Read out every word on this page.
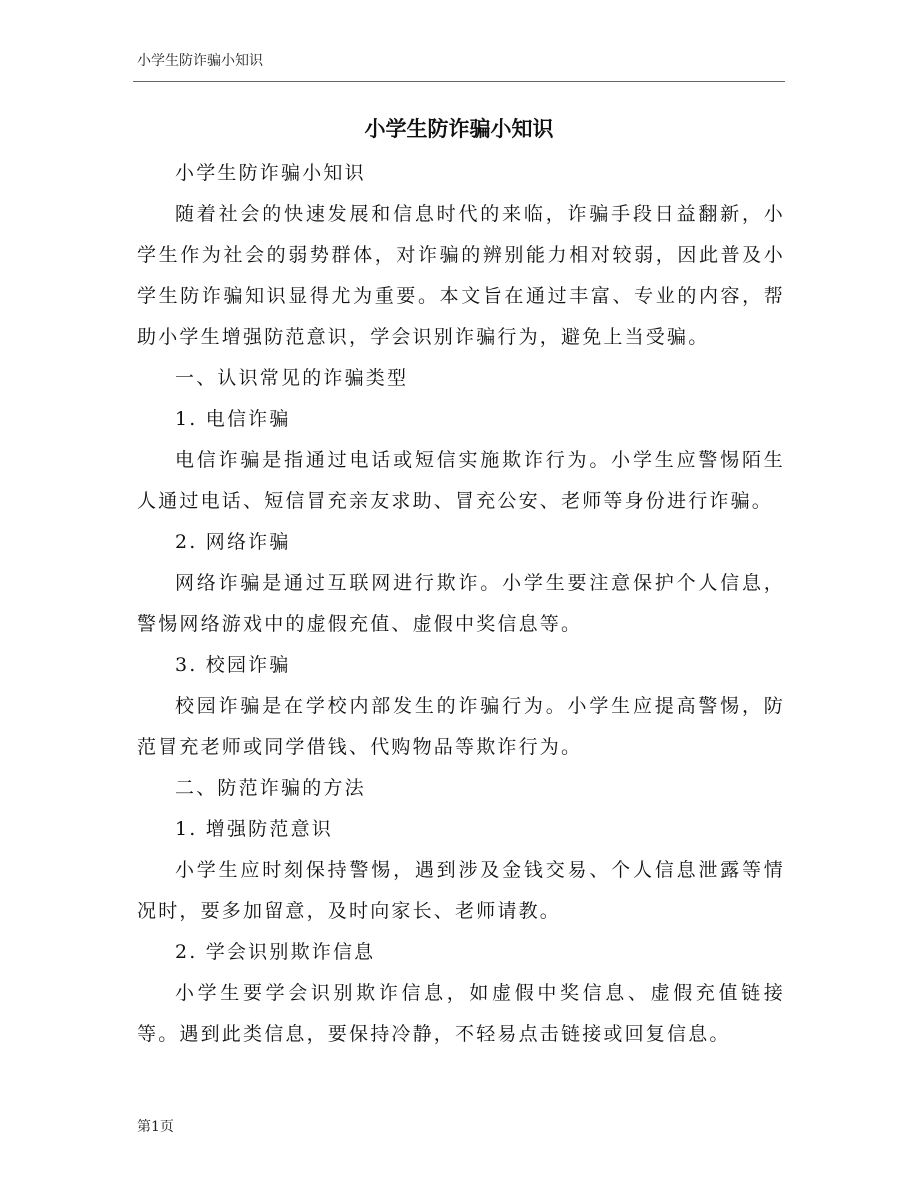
小学生防诈骗小知识
小学生防诈骗小知识

小学生防诈骗小知识

随着社会的快速发展和信息时代的来临，诈骗手段日益翻新，小学生作为社会的弱势群体，对诈骗的辨别能力相对较弱，因此普及小学生防诈骗知识显得尤为重要。本文旨在通过丰富、专业的内容，帮助小学生增强防范意识，学会识别诈骗行为，避免上当受骗。

一、认识常见的诈骗类型

1. 电信诈骗

电信诈骗是指通过电话或短信实施欺诈行为。小学生应警惕陌生人通过电话、短信冒充亲友求助、冒充公安、老师等身份进行诈骗。

2. 网络诈骗

网络诈骗是通过互联网进行欺诈。小学生要注意保护个人信息，警惕网络游戏中的虚假充值、虚假中奖信息等。

3. 校园诈骗

校园诈骗是在学校内部发生的诈骗行为。小学生应提高警惕，防范冒充老师或同学借钱、代购物品等欺诈行为。

二、防范诈骗的方法

1. 增强防范意识

小学生应时刻保持警惕，遇到涉及金钱交易、个人信息泄露等情况时，要多加留意，及时向家长、老师请教。

2. 学会识别欺诈信息

小学生要学会识别欺诈信息，如虚假中奖信息、虚假充值链接等。遇到此类信息，要保持冷静，不轻易点击链接或回复信息。

第1页
